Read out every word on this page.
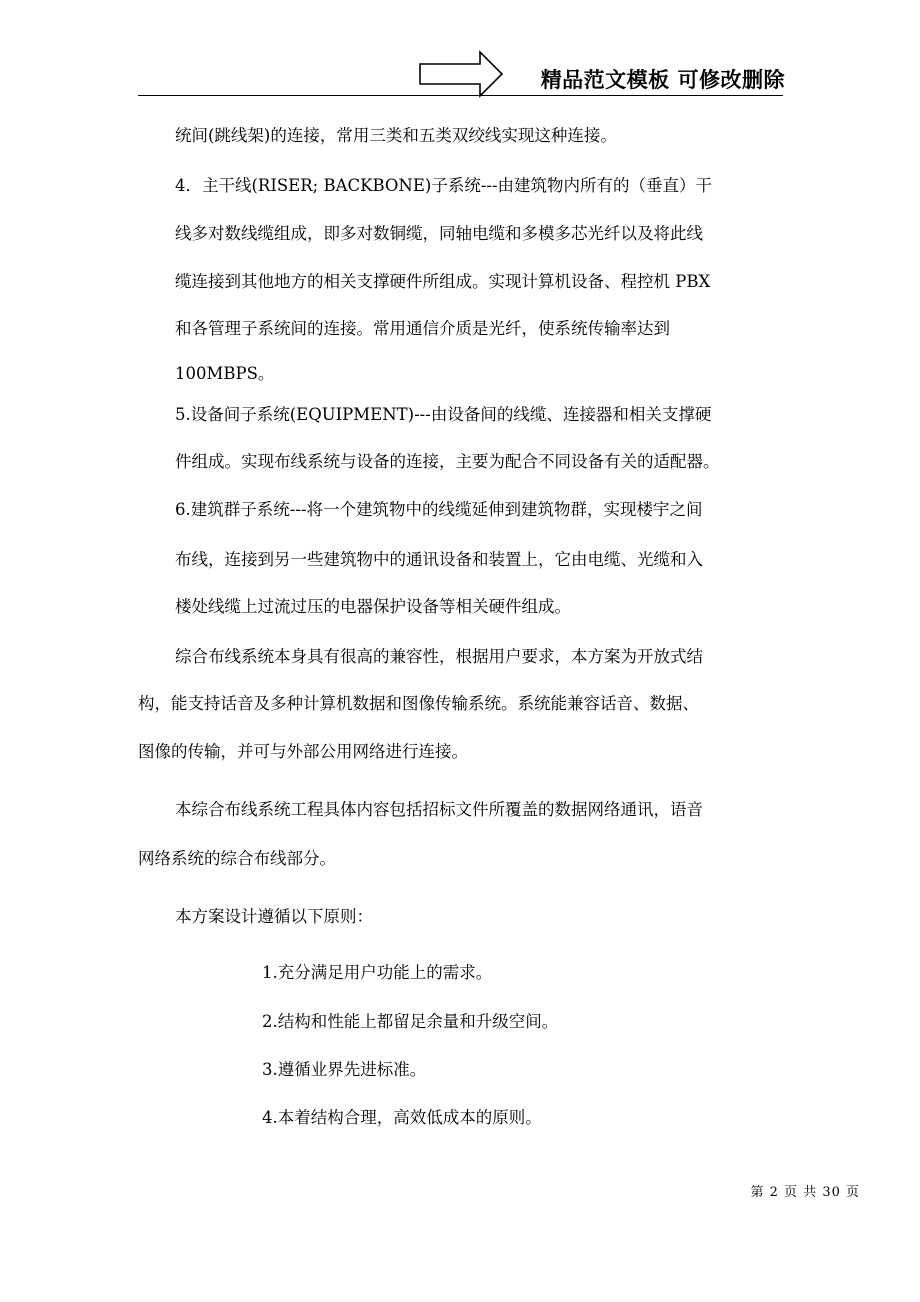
精品范文模板 可修改删除
统间(跳线架)的连接，常用三类和五类双绞线实现这种连接。
4．主干线(RISER; BACKBONE)子系统---由建筑物内所有的（垂直）干
线多对数线缆组成，即多对数铜缆，同轴电缆和多模多芯光纤以及将此线
缆连接到其他地方的相关支撑硬件所组成。实现计算机设备、程控机 PBX
和各管理子系统间的连接。常用通信介质是光纤，使系统传输率达到
100MBPS。
5.设备间子系统(EQUIPMENT)---由设备间的线缆、连接器和相关支撑硬
件组成。实现布线系统与设备的连接，主要为配合不同设备有关的适配器。
6.建筑群子系统---将一个建筑物中的线缆延伸到建筑物群，实现楼宇之间
布线，连接到另一些建筑物中的通讯设备和装置上，它由电缆、光缆和入
楼处线缆上过流过压的电器保护设备等相关硬件组成。
综合布线系统本身具有很高的兼容性，根据用户要求，本方案为开放式结
构，能支持话音及多种计算机数据和图像传输系统。系统能兼容话音、数据、
图像的传输，并可与外部公用网络进行连接。
本综合布线系统工程具体内容包括招标文件所覆盖的数据网络通讯，语音
网络系统的综合布线部分。
本方案设计遵循以下原则：
1.充分满足用户功能上的需求。
2.结构和性能上都留足余量和升级空间。
3.遵循业界先进标准。
4.本着结构合理，高效低成本的原则。
第 2 页 共 30 页
